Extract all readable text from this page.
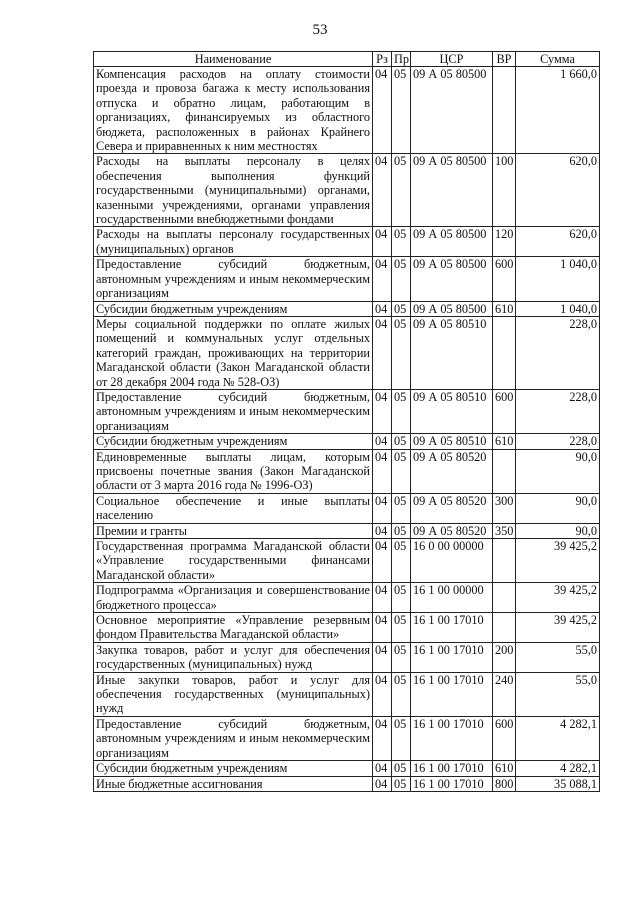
53
Наименование	Рз	Пр	ЦСР	ВР	Сумма
Компенсация расходов на оплату стоимости проезда и провоза багажа к месту использования отпуска и обратно лицам, работающим в организациях, финансируемых из областного бюджета, расположенных в районах Крайнего Севера и приравненных к ним местностях	04	05	09 А 05 80500		1 660,0
Расходы на выплаты персоналу в целях обеспечения выполнения функций государственными (муниципальными) органами, казенными учреждениями, органами управления государственными внебюджетными фондами	04	05	09 А 05 80500	100	620,0
Расходы на выплаты персоналу государственных (муниципальных) органов	04	05	09 А 05 80500	120	620,0
Предоставление субсидий бюджетным, автономным учреждениям и иным некоммерческим организациям	04	05	09 А 05 80500	600	1 040,0
Субсидии бюджетным учреждениям	04	05	09 А 05 80500	610	1 040,0
Меры социальной поддержки по оплате жилых помещений и коммунальных услуг отдельных категорий граждан, проживающих на территории Магаданской области (Закон Магаданской области от 28 декабря 2004 года № 528-ОЗ)	04	05	09 А 05 80510		228,0
Предоставление субсидий бюджетным, автономным учреждениям и иным некоммерческим организациям	04	05	09 А 05 80510	600	228,0
Субсидии бюджетным учреждениям	04	05	09 А 05 80510	610	228,0
Единовременные выплаты лицам, которым присвоены почетные звания (Закон Магаданской области от 3 марта 2016 года № 1996-ОЗ)	04	05	09 А 05 80520		90,0
Социальное обеспечение и иные выплаты населению	04	05	09 А 05 80520	300	90,0
Премии и гранты	04	05	09 А 05 80520	350	90,0
Государственная программа Магаданской области «Управление государственными финансами Магаданской области»	04	05	16 0 00 00000		39 425,2
Подпрограмма «Организация и совершенствование бюджетного процесса»	04	05	16 1 00 00000		39 425,2
Основное мероприятие «Управление резервным фондом Правительства Магаданской области»	04	05	16 1 00 17010		39 425,2
Закупка товаров, работ и услуг для обеспечения государственных (муниципальных) нужд	04	05	16 1 00 17010	200	55,0
Иные закупки товаров, работ и услуг для обеспечения государственных (муниципальных) нужд	04	05	16 1 00 17010	240	55,0
Предоставление субсидий бюджетным, автономным учреждениям и иным некоммерческим организациям	04	05	16 1 00 17010	600	4 282,1
Субсидии бюджетным учреждениям	04	05	16 1 00 17010	610	4 282,1
Иные бюджетные ассигнования	04	05	16 1 00 17010	800	35 088,1
